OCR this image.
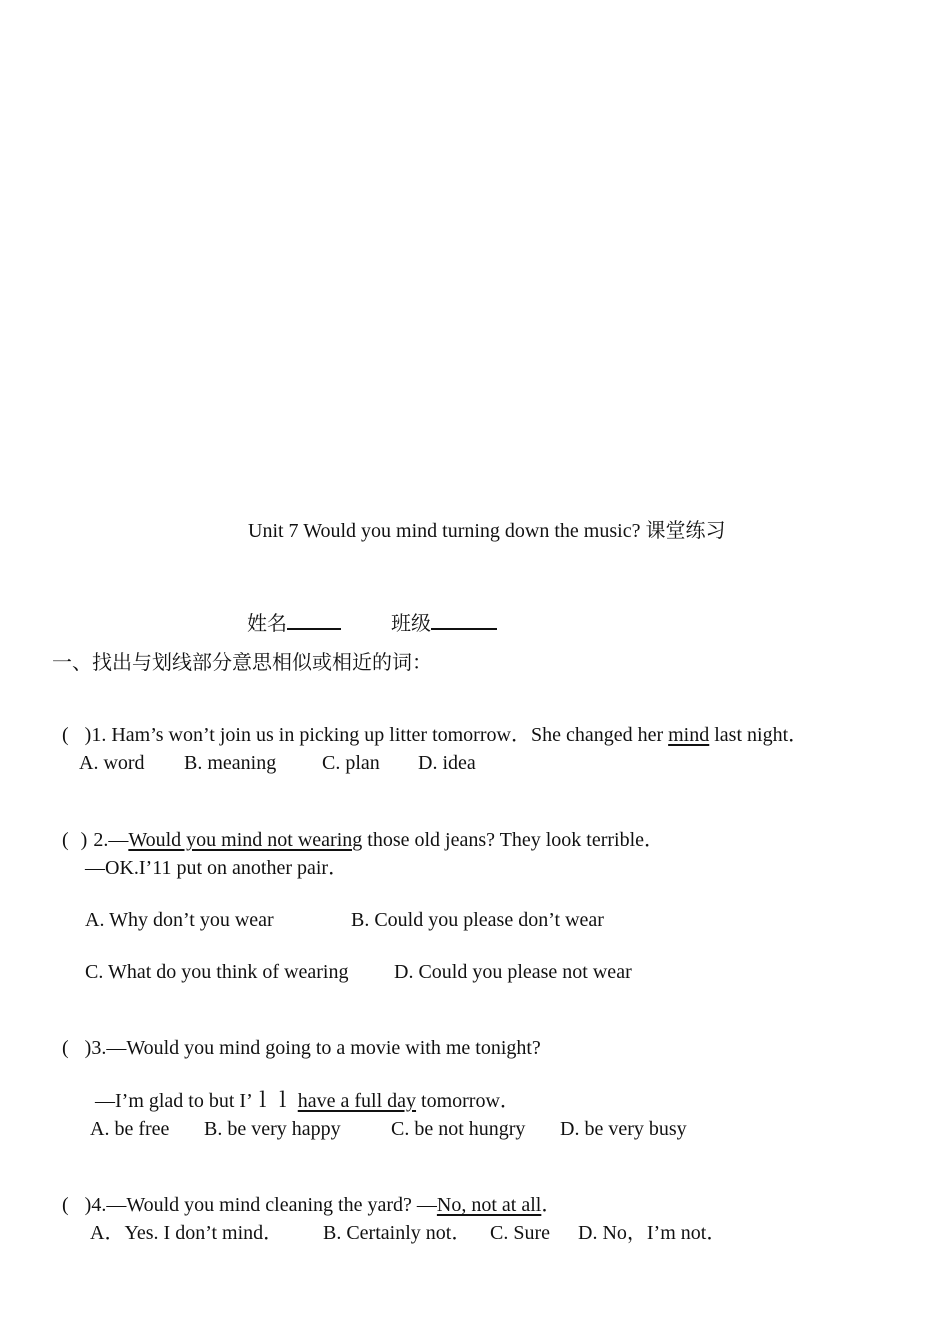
Unit 7 Would you mind turning down the music? 课堂练习

姓名	班级

一、找出与划线部分意思相似或相近的词：

( )1. Ham’s won’t join us in picking up litter tomorrow．She changed her mind last night．

A. word B. meaning C. plan D. idea

( ) 2.—Would you mind not wearing those old jeans? They look terrible．

—OK.I’11 put on another pair．
A. Why don’t you wear	B. Could you please don’t wear
C. What do you think of wearing D. Could you please not wear

( )3.—Would you mind going to a movie with me tonight?

—I’m glad to but I’ｌｌ have a full day tomorrow．

A. be free B. be very happy	C. be not hungry D. be very busy

( )4.—Would you mind cleaning the yard? —No, not at all．

A．Yes. I don’t mind． B. Certainly not． C. Sure D. No，I’m not．
